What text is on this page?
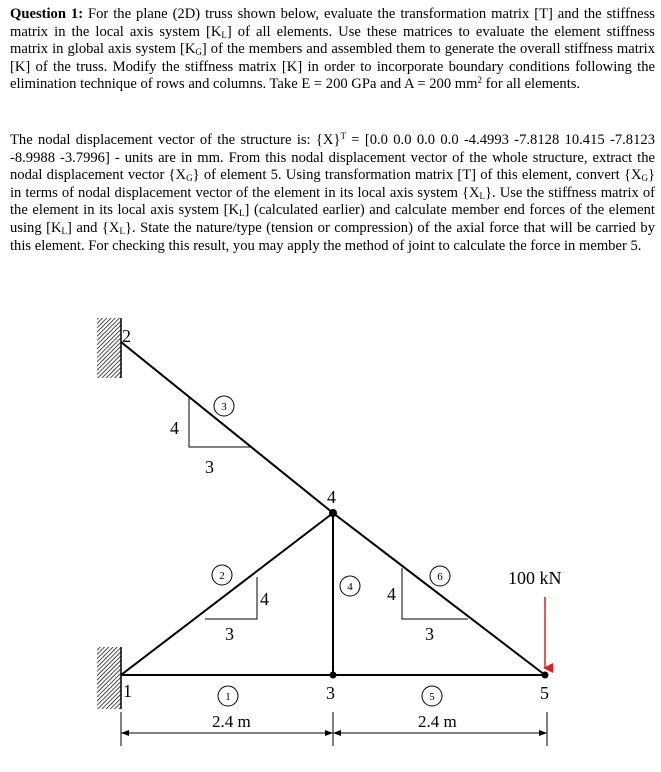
Question 1: For the plane (2D) truss shown below, evaluate the transformation matrix [T] and the stiffness matrix in the local axis system $[K_L]$ of all elements. Use these matrices to evaluate the element stiffness matrix in global axis system $[K_G]$ of the members and assembled them to generate the overall stiffness matrix [K] of the truss. Modify the stiffness matrix [K] in order to incorporate boundary conditions following the elimination technique of rows and columns. Take E = 200 GPa and A = 200 $mm^2$ for all elements.

The nodal displacement vector of the structure is: $\{X\}^T = [0.0$ 0.0 0.0 0.0 -4.4993 -7.8128 10.415 -7.8123 -8.9988 -3.7996] - units are in mm. From this nodal displacement vector of the whole structure, extract the nodal displacement vector $\{X_G\}$ of element 5. Using transformation matrix [T] of this element, convert $\{X_G\}$ in terms of nodal displacement vector of the element in its local axis system $\{X_L\}$. Use the stiffness matrix of the element in its local axis system $[K_L]$ (calculated earlier) and calculate member end forces of the element using $[K_L]$ and $\{X_L\}$. State the nature/type (tension or compression) of the axial force that will be carried by this element. For checking this result, you may apply the method of joint to calculate the force in member 5.

2
4
1	3	5
3
2
4
6
1	5
4
3
4
3
4
3
100 kN
2.4 m	2.4 m
